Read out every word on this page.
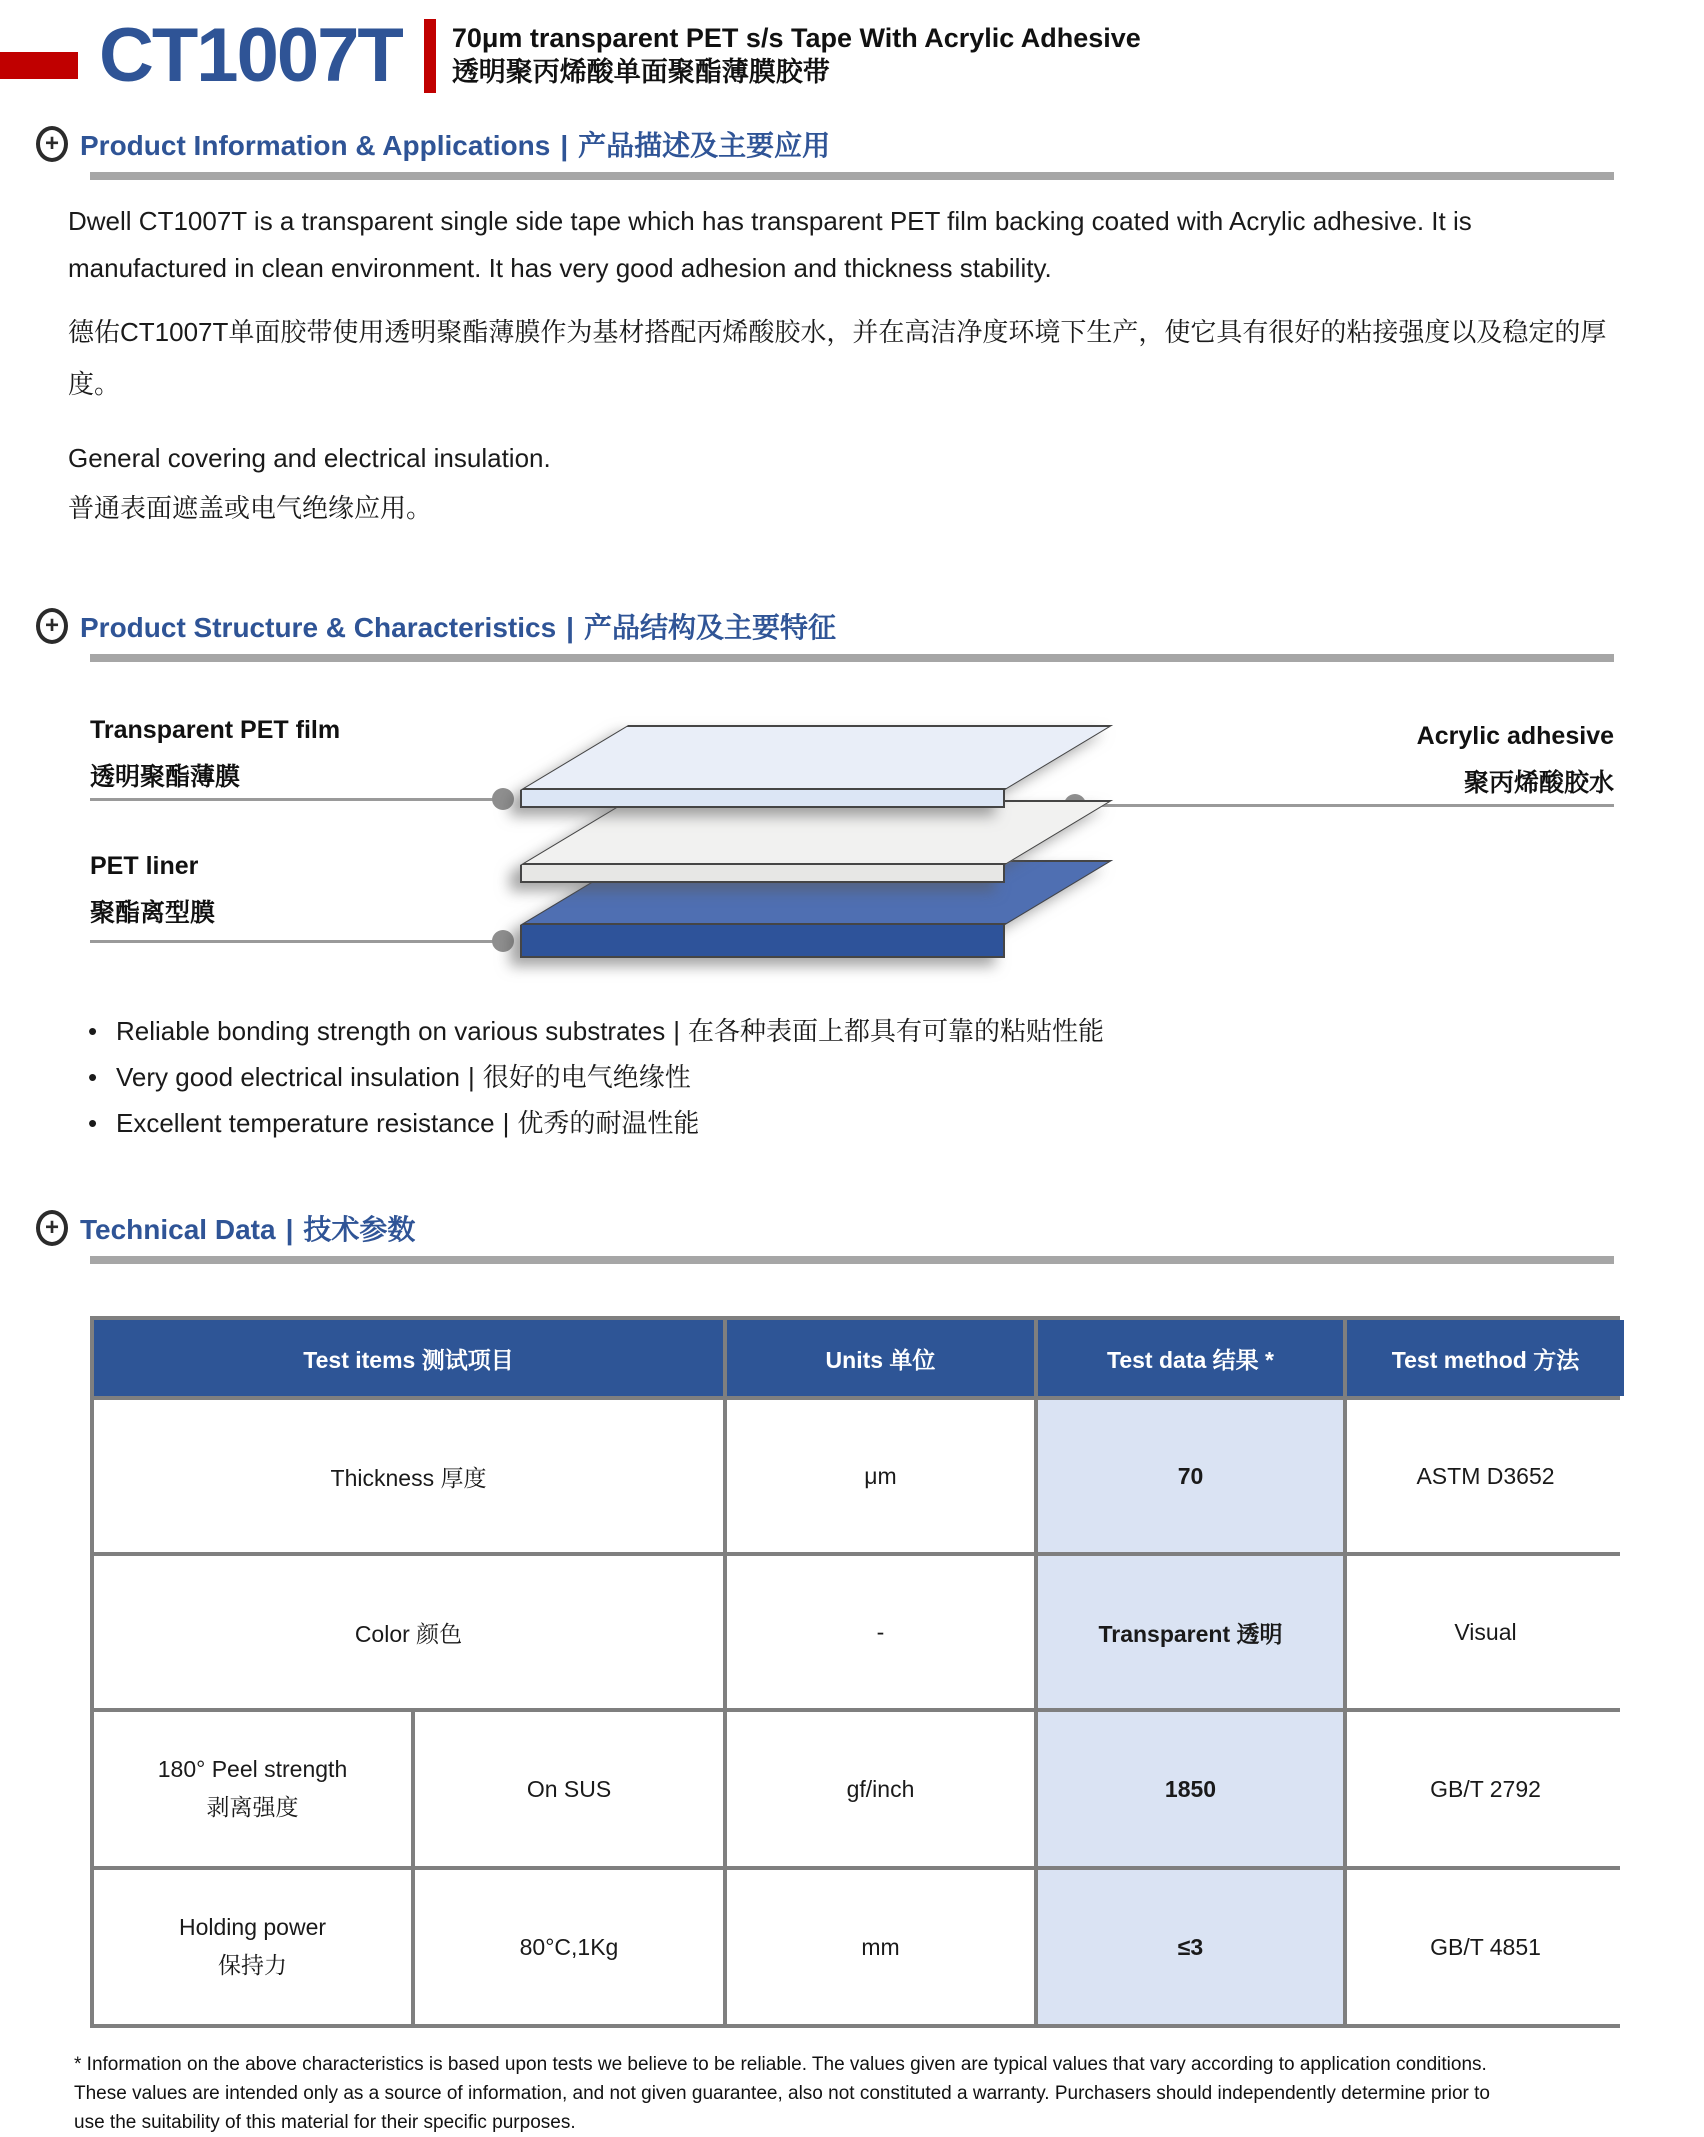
CT1007T 70μm transparent PET s/s Tape With Acrylic Adhesive
透明聚丙烯酸单面聚酯薄膜胶带
+ Product Information & Applications | 产品描述及主要应用
Dwell CT1007T is a transparent single side tape which has transparent PET film backing coated with Acrylic adhesive. It is manufactured in clean environment. It has very good adhesion and thickness stability.
德佑CT1007T单面胶带使用透明聚酯薄膜作为基材搭配丙烯酸胶水，并在高洁净度环境下生产，使它具有很好的粘接强度以及稳定的厚度。
General covering and electrical insulation.
普通表面遮盖或电气绝缘应用。
+ Product Structure & Characteristics | 产品结构及主要特征
Transparent PET film
透明聚酯薄膜
PET liner
聚酯离型膜
Acrylic adhesive
聚丙烯酸胶水
• Reliable bonding strength on various substrates | 在各种表面上都具有可靠的粘贴性能
• Very good electrical insulation | 很好的电气绝缘性
• Excellent temperature resistance | 优秀的耐温性能
+ Technical Data | 技术参数
Test items 测试项目	Units 单位	Test data 结果 *	Test method 方法
Thickness 厚度	μm	70	ASTM D3652
Color 颜色	-	Transparent 透明	Visual
180° Peel strength
剥离强度
On SUS	gf/inch	1850	GB/T 2792
Holding power
保持力
80°C,1Kg	mm	≤3	GB/T 4851
* Information on the above characteristics is based upon tests we believe to be reliable. The values given are typical values that vary according to application conditions. These values are intended only as a source of information, and not given guarantee, also not constituted a warranty. Purchasers should independently determine prior to use the suitability of this material for their specific purposes.
